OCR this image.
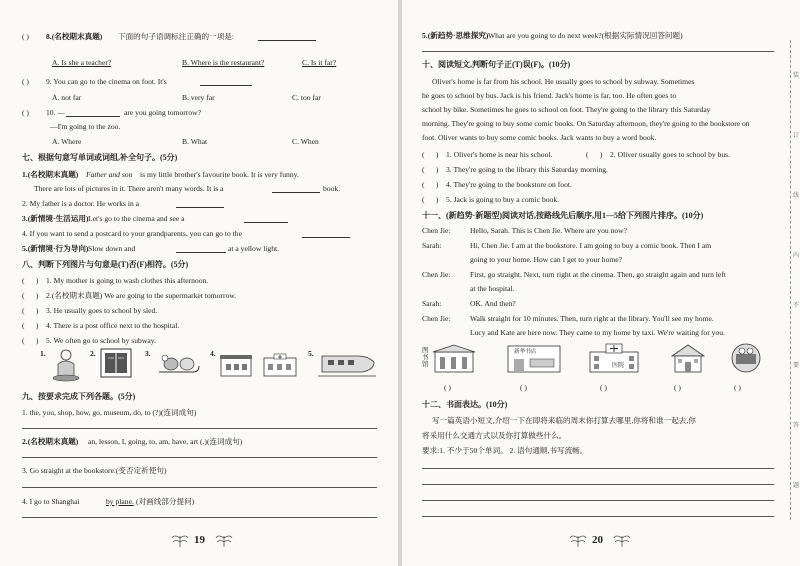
( ) 8.(名校期末真题) 下面的句子语调标注正确的一项是:
A. Is she a teacher?	B. Where is the restaurant?	C. Is it far?
( ) 9. You can go to the cinema on foot. It's
A. not far	B. very far	C. too far
( ) 10. —	are you going tomorrow?
—I'm going to the zoo.
A. Where	B. What	C. When
七、根据句意写单词或词组,补全句子。(5分)
1.(名校期末真题) Father and son is my little brother's favourite book. It is very funny.
There are lots of pictures in it. There aren't many words. It is a	book.
2. My father is a doctor. He works in a
3.(新情境·生活运用) Let's go to the cinema and see a
4. If you want to send a postcard to your grandparents, you can go to the
5.(新情境·行为导向) Slow down and	at a yellow light.
八、判断下列图片与句意是(T)否(F)相符。(5分)
(      ) 1. My mother is going to wash clothes this afternoon.
(      ) 2.(名校期末真题) We are going to the supermarket tomorrow.
(      ) 3. He usually goes to school by sled.
(      ) 4. There is a post office next to the hospital.
(      ) 5. We often go to school by subway.
1.	2.	3.	4.	5.
九、按要求完成下列各题。(5分)
1. the, you, shop, how, go, museum, do, to (?)(连词成句)
2.(名校期末真题) an, lesson, I, going, to, am, have, art (.)(连词成句)
3. Go straight at the bookstore.(变否定祈使句)
4. I go to Shanghai	by plane. (对画线部分提问)
19
5.(新趋势·思维探究) What are you going to do next week?(根据实际情况回答问题)
十、阅读短文,判断句子正(T)误(F)。(10分)
Oliver's home is far from his school. He usually goes to school by subway. Sometimes
he goes to school by bus. Jack is his friend. Jack's home is far, too. He often goes to
school by bike. Sometimes he goes to school on foot. They're going to the library this Saturday
morning. They're going to buy some comic books. On Saturday afternoon, they're going to the bookstore on
foot. Oliver wants to buy some comic books. Jack wants to buy a word book.
(      ) 1. Oliver's home is near his school.	(      ) 2. Oliver usually goes to school by bus.
(      ) 3. They're going to the library this Saturday morning.
(      ) 4. They're going to the bookstore on foot.
(      ) 5. Jack is going to buy a comic book.
十一、(新趋势·新题型)阅读对话,按路线先后顺序,用1—5给下列图片排序。(10分)
Chen Jie:	Hello, Sarah. This is Chen Jie. Where are you now?
Sarah:	Hi, Chen Jie. I am at the bookstore. I am going to buy a comic book. Then I am
going to your home. How can I get to your home?
Chen Jie:	First, go straight. Next, turn right at the cinema. Then, go straight again and turn left
at the hospital.
Sarah:	OK. And then?
Chen Jie:	Walk straight for 10 minutes. Then, turn right at the library. You'll see my home.
Lucy and Kate are here now. They came to my home by taxi. We're waiting for you.
图书馆
新华书店
医院
( )	( )	( )	( )	( )
十二、书面表达。(10分)
写一篇英语小短文,介绍一下在即将来临的周末你打算去哪里,你将和谁一起去,你
将采用什么交通方式以及你打算做些什么。
要求:1. 不少于50个单词。 2. 语句通顺,书写流畅。
20
装
订
线
内
不
要
答
题
